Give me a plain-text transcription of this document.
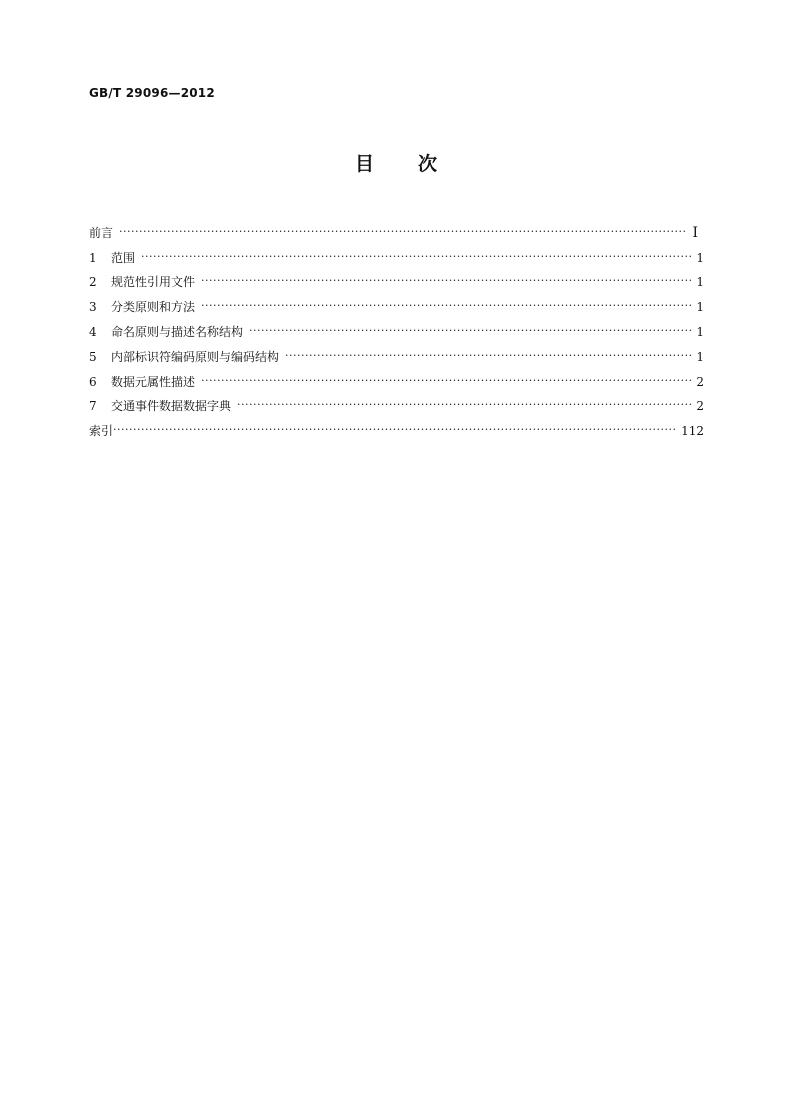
GB/T 29096—2012
目 次
前言 ·····	Ⅰ
1	范围 ·····	1
2	规范性引用文件 ·····	1
3	分类原则和方法 ·····	1
4	命名原则与描述名称结构 ·····	1
5	内部标识符编码原则与编码结构 ·····	1
6	数据元属性描述 ·····	2
7	交通事件数据数据字典 ·····	2
索引 ·····	112
